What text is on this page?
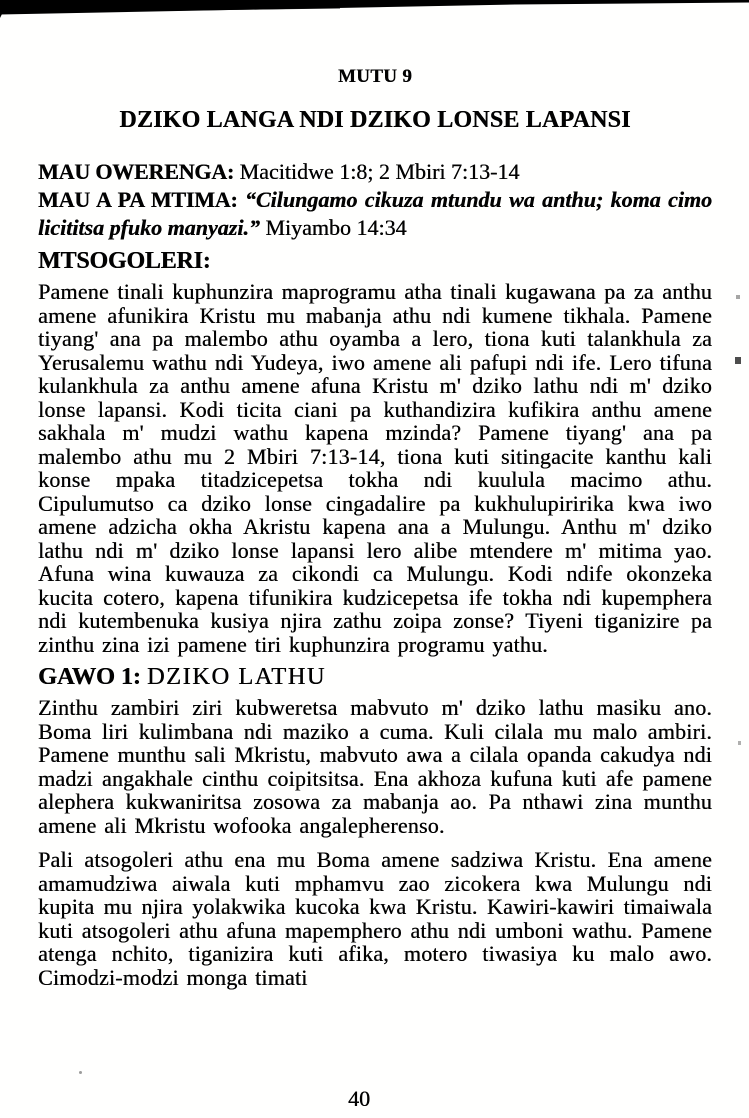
MUTU 9
DZIKO LANGA NDI DZIKO LONSE LAPANSI
MAU OWERENGA: Macitidwe 1:8; 2 Mbiri 7:13-14
MAU A PA MTIMA: “Cilungamo cikuza mtundu wa anthu; koma cimo licititsa pfuko manyazi.” Miyambo 14:34
MTSOGOLERI:

Pamene tinali kuphunzira maprogramu atha tinali kugawana pa za anthu amene afunikira Kristu mu mabanja athu ndi kumene tikhala. Pamene tiyang' ana pa malembo athu oyamba a lero, tiona kuti talankhula za Yerusalemu wathu ndi Yudeya, iwo amene ali pafupi ndi ife. Lero tifuna kulankhula za anthu amene afuna Kristu m' dziko lathu ndi m' dziko lonse lapansi. Kodi ticita ciani pa kuthandizira kufikira anthu amene sakhala m' mudzi wathu kapena mzinda? Pamene tiyang' ana pa malembo athu mu 2 Mbiri 7:13-14, tiona kuti sitingacite kanthu kali konse mpaka titadzicepetsa tokha ndi kuulula macimo athu. Cipulumutso ca dziko lonse cingadalire pa kukhulupiririka kwa iwo amene adzicha okha Akristu kapena ana a Mulungu. Anthu m' dziko lathu ndi m' dziko lonse lapansi lero alibe mtendere m' mitima yao. Afuna wina kuwauza za cikondi ca Mulungu. Kodi ndife okonzeka kucita cotero, kapena tifunikira kudzicepetsa ife tokha ndi kupemphera ndi kutembenuka kusiya njira zathu zoipa zonse? Tiyeni tiganizire pa zinthu zina izi pamene tiri kuphunzira programu yathu.

GAWO 1: DZIKO LATHU

Zinthu zambiri ziri kubweretsa mabvuto m' dziko lathu masiku ano. Boma liri kulimbana ndi maziko a cuma. Kuli cilala mu malo ambiri. Pamene munthu sali Mkristu, mabvuto awa a cilala opanda cakudya ndi madzi angakhale cinthu coipitsitsa. Ena akhoza kufuna kuti afe pamene alephera kukwaniritsa zosowa za mabanja ao. Pa nthawi zina munthu amene ali Mkristu wofooka angalepherenso.

Pali atsogoleri athu ena mu Boma amene sadziwa Kristu. Ena amene amamudziwa aiwala kuti mphamvu zao zicokera kwa Mulungu ndi kupita mu njira yolakwika kucoka kwa Kristu. Kawiri-kawiri timaiwala kuti atsogoleri athu afuna mapemphero athu ndi umboni wathu. Pamene atenga nchito, tiganizira kuti afika, motero tiwasiya ku malo awo. Cimodzi-modzi monga timati

40
